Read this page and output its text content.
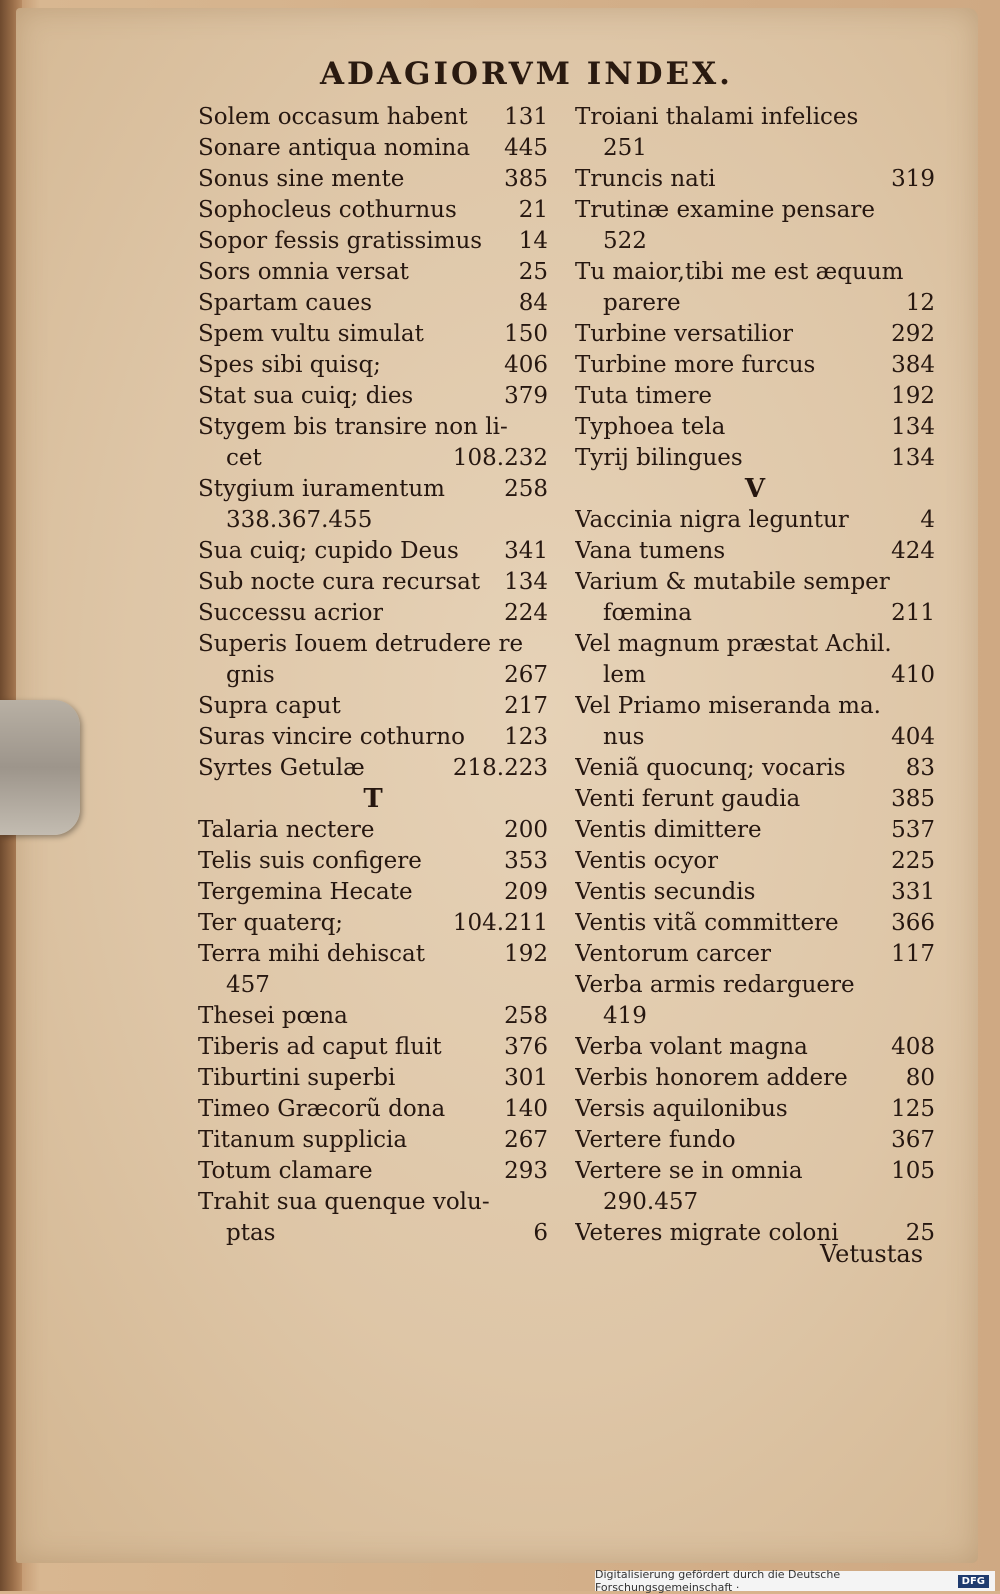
ADAGIORVM INDEX.
Solem occasum habent 131
Sonare antiqua nomina 445
Sonus sine mente	385
Sophocleus cothurnus	21
Sopor fessis gratissimus 14
Sors omnia versat	25
Spartam caues	84
Spem vultu simulat	150
Spes sibi quisq;	406
Stat sua cuiq; dies	379
Stygem bis transire non li-
cet	108.232
Stygium iuramentum	258
338.367.455
Sua cuiq; cupido Deus 341
Sub nocte cura recursat 134
Successu acrior	224
Superis Iouem detrudere re
gnis	267
Supra caput	217
Suras vincire cothurno 123
Syrtes Getulæ	218.223
T
Talaria nectere	200
Telis suis configere	353
Tergemina Hecate	209
Ter quaterq;	104.211
Terra mihi dehiscat	192
457
Thesei pœna	258
Tiberis ad caput fluit	376
Tiburtini superbi	301
Timeo Græcorũ dona	140
Titanum supplicia	267
Totum clamare	293
Trahit sua quenque volu-
ptas	6
Troiani thalami infelices
251
Truncis nati	319
Trutinæ examine pensare
522
Tu maior,tibi me est æquum
parere	12
Turbine versatilior	292
Turbine more furcus	384
Tuta timere	192
Typhoea tela	134
Tyrij bilingues	134
V
Vaccinia nigra leguntur	4
Vana tumens	424
Varium & mutabile semper
fœmina	211
Vel magnum præstat Achil.
lem	410
Vel Priamo miseranda ma.
nus	404
Veniã quocunq; vocaris	83
Venti ferunt gaudia	385
Ventis dimittere	537
Ventis ocyor	225
Ventis secundis	331
Ventis vitã committere 366
Ventorum carcer	117
Verba armis redarguere
419
Verba volant magna	408
Verbis honorem addere	80
Versis aquilonibus	125
Vertere fundo	367
Vertere se in omnia	105
290.457
Veteres migrate coloni	25
Vetustas
Digitalisierung gefördert durch die Deutsche Forschungsgemeinschaft ·	DFG
